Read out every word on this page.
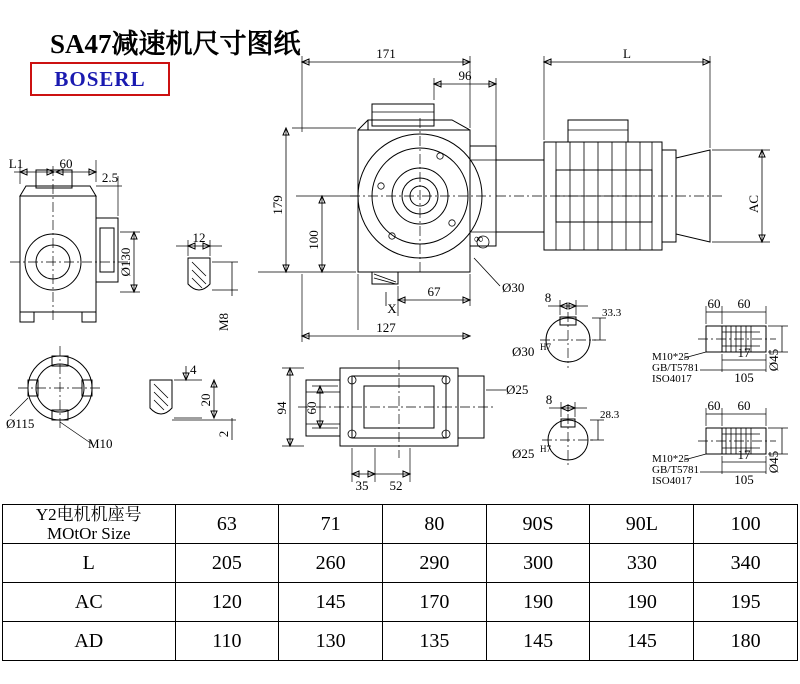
SA47减速机尺寸图纸
BOSERL
171
96
L
179
100
AC
67
127
X
Ø30
∞
L1	60
2.5
Ø130
Ø115
M10
12
M8
4
20
2
94 60
35 52
Ø25
8
33.3
Ø30 H7
8
28.3
Ø25 H7
60 60
17
105
Ø45
M10*25
GB/T5781
ISO4017
60 60
17
105
Ø45
M10*25
GB/T5781
ISO4017
Y2电机机座号
MOtOr Size	63	71	80	90S	90L	100
L	205	260	290	300	330	340
AC	120	145	170	190	190	195
AD	110	130	135	145	145	180
